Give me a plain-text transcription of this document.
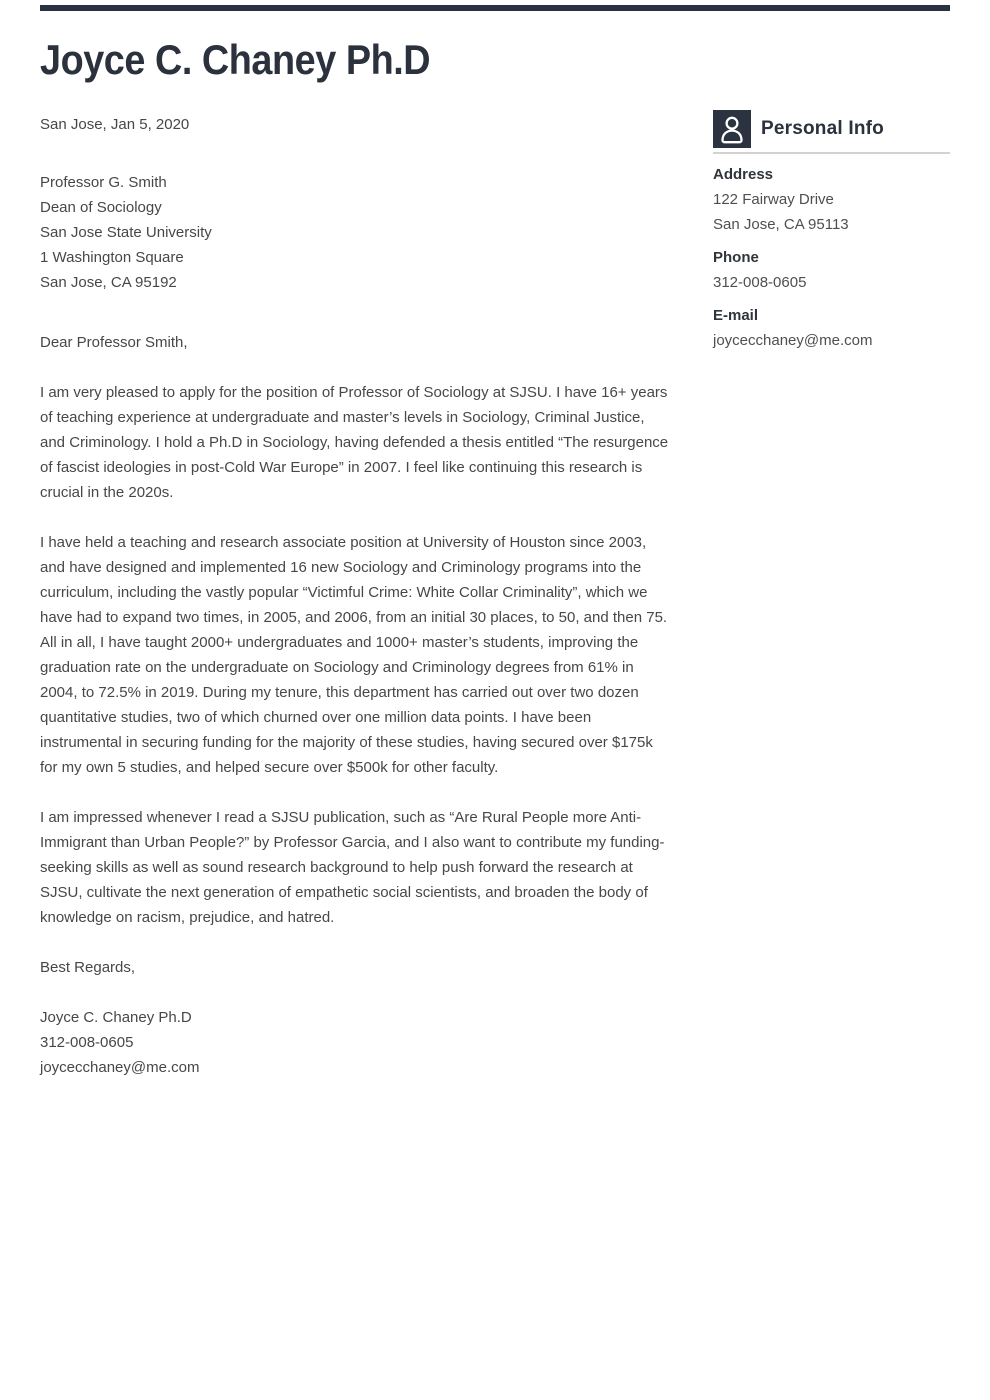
Joyce C. Chaney Ph.D

San Jose, Jan 5, 2020

Professor G. Smith

Dean of Sociology

San Jose State University

1 Washington Square

San Jose, CA 95192

Dear Professor Smith,

I am very pleased to apply for the position of Professor of Sociology at SJSU. I have 16+ years of teaching experience at undergraduate and master’s levels in Sociology, Criminal Justice, and Criminology. I hold a Ph.D in Sociology, having defended a thesis entitled “The resurgence of fascist ideologies in post-Cold War Europe” in 2007. I feel like continuing this research is crucial in the 2020s.

I have held a teaching and research associate position at University of Houston since 2003, and have designed and implemented 16 new Sociology and Criminology programs into the curriculum, including the vastly popular “Victimful Crime: White Collar Criminality”, which we have had to expand two times, in 2005, and 2006, from an initial 30 places, to 50, and then 75. All in all, I have taught 2000+ undergraduates and 1000+ master’s students, improving the graduation rate on the undergraduate on Sociology and Criminology degrees from 61% in 2004, to 72.5% in 2019. During my tenure, this department has carried out over two dozen quantitative studies, two of which churned over one million data points. I have been instrumental in securing funding for the majority of these studies, having secured over $175k for my own 5 studies, and helped secure over $500k for other faculty.

I am impressed whenever I read a SJSU publication, such as “Are Rural People more Anti-Immigrant than Urban People?” by Professor Garcia, and I also want to contribute my funding-seeking skills as well as sound research background to help push forward the research at SJSU, cultivate the next generation of empathetic social scientists, and broaden the body of knowledge on racism, prejudice, and hatred.

Best Regards,

Joyce C. Chaney Ph.D

312-008-0605

joycecchaney@me.com

Personal Info

Address

122 Fairway Drive

San Jose, CA 95113

Phone

312-008-0605

E-mail

joycecchaney@me.com
